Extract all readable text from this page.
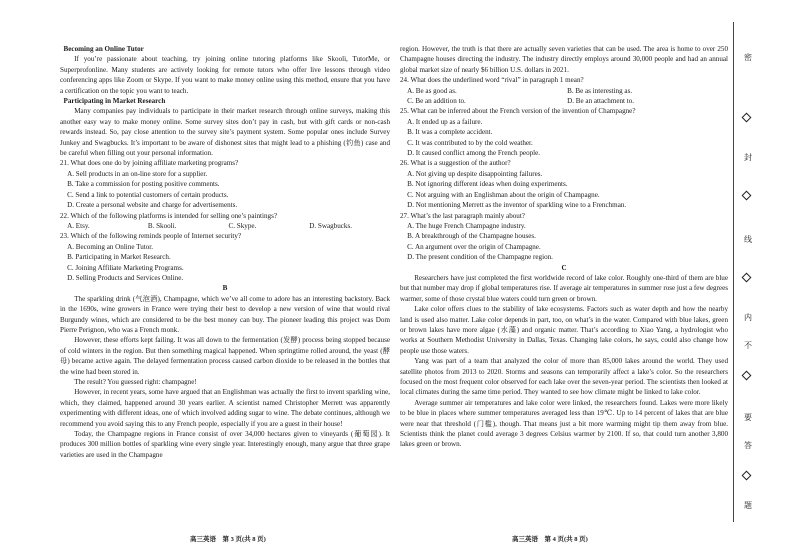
Becoming an Online Tutor

If you’re passionate about teaching, try joining online tutoring platforms like Skooli, TutorMe, or Superprofonline. Many students are actively looking for remote tutors who offer live lessons through video conferencing apps like Zoom or Skype. If you want to make money online using this method, ensure that you have a certification on the topic you want to teach.

Participating in Market Research

Many companies pay individuals to participate in their market research through online surveys, making this another easy way to make money online. Some survey sites don’t pay in cash, but with gift cards or non-cash rewards instead. So, pay close attention to the survey site’s payment system. Some popular ones include Survey Junkey and Swagbucks. It’s important to be aware of dishonest sites that might lead to a phishing (钓鱼) case and be careful when filling out your personal information.

21. What does one do by joining affiliate marketing programs?

A. Sell products in an on-line store for a supplier.

B. Take a commission for posting positive comments.

C. Send a link to potential customers of certain products.

D. Create a personal website and charge for advertisements.

22. Which of the following platforms is intended for selling one’s paintings?

A. Etsy.	B. Skooli.	C. Skype.	D. Swagbucks.

23. Which of the following reminds people of Internet security?

A. Becoming an Online Tutor.

B. Participating in Market Research.

C. Joining Affiliate Marketing Programs.

D. Selling Products and Services Online.

B

The sparkling drink (气泡酒), Champagne, which we’ve all come to adore has an interesting backstory. Back in the 1690s, wine growers in France were trying their best to develop a new version of wine that would rival Burgundy wines, which are considered to be the best money can buy. The pioneer leading this project was Dom Pierre Perignon, who was a French monk.

However, these efforts kept failing. It was all down to the fermentation (发酵) process being stopped because of cold winters in the region. But then something magical happened. When springtime rolled around, the yeast (酵母) became active again. The delayed fermentation process caused carbon dioxide to be released in the bottles that the wine had been stored in.

The result? You guessed right: champagne!

However, in recent years, some have argued that an Englishman was actually the first to invent sparkling wine, which, they claimed, happened around 30 years earlier. A scientist named Christopher Merrett was apparently experimenting with different ideas, one of which involved adding sugar to wine. The debate continues, although we recommend you avoid saying this to any French people, especially if you are a guest in their house!

Today, the Champagne regions in France consist of over 34,000 hectares given to vineyards (葡萄园). It produces 300 million bottles of sparkling wine every single year. Interestingly enough, many argue that three grape varieties are used in the Champagne

region. However, the truth is that there are actually seven varieties that can be used. The area is home to over 250 Champagne houses directing the industry. The industry directly employs around 30,000 people and had an annual global market size of nearly $6 billion U.S. dollars in 2021.

24. What does the underlined word “rival” in paragraph 1 mean?

A. Be as good as.	B. Be as interesting as.
C. Be an addition to.	D. Be an attachment to.

25. What can be inferred about the French version of the invention of Champagne?

A. It ended up as a failure.

B. It was a complete accident.

C. It was contributed to by the cold weather.

D. It caused conflict among the French people.

26. What is a suggestion of the author?

A. Not giving up despite disappointing failures.

B. Not ignoring different ideas when doing experiments.

C. Not arguing with an Englishman about the origin of Champagne.

D. Not mentioning Merrett as the inventor of sparkling wine to a Frenchman.

27. What’s the last paragraph mainly about?

A. The huge French Champagne industry.

B. A breakthrough of the Champagne houses.

C. An argument over the origin of Champagne.

D. The present condition of the Champagne region.

C

Researchers have just completed the first worldwide record of lake color. Roughly one-third of them are blue but that number may drop if global temperatures rise. If average air temperatures in summer rose just a few degrees warmer, some of those crystal blue waters could turn green or brown.

Lake color offers clues to the stability of lake ecosystems. Factors such as water depth and how the nearby land is used also matter. Lake color depends in part, too, on what’s in the water. Compared with blue lakes, green or brown lakes have more algae (水藻) and organic matter. That’s according to Xiao Yang, a hydrologist who works at Southern Methodist University in Dallas, Texas. Changing lake colors, he says, could also change how people use those waters.

Yang was part of a team that analyzed the color of more than 85,000 lakes around the world. They used satellite photos from 2013 to 2020. Storms and seasons can temporarily affect a lake’s color. So the researchers focused on the most frequent color observed for each lake over the seven-year period. The scientists then looked at local climates during the same time period. They wanted to see how climate might be linked to lake color.

Average summer air temperatures and lake color were linked, the researchers found. Lakes were more likely to be blue in places where summer temperatures averaged less than 19℃. Up to 14 percent of lakes that are blue were near that threshold (门槛), though. That means just a bit more warming might tip them away from blue. Scientists think the planet could average 3 degrees Celsius warmer by 2100. If so, that could turn another 3,800 lakes green or brown.

高三英语　第 3 页(共 8 页)	高三英语　第 4 页(共 8 页)
密
封
线
内
不
要
答
题
